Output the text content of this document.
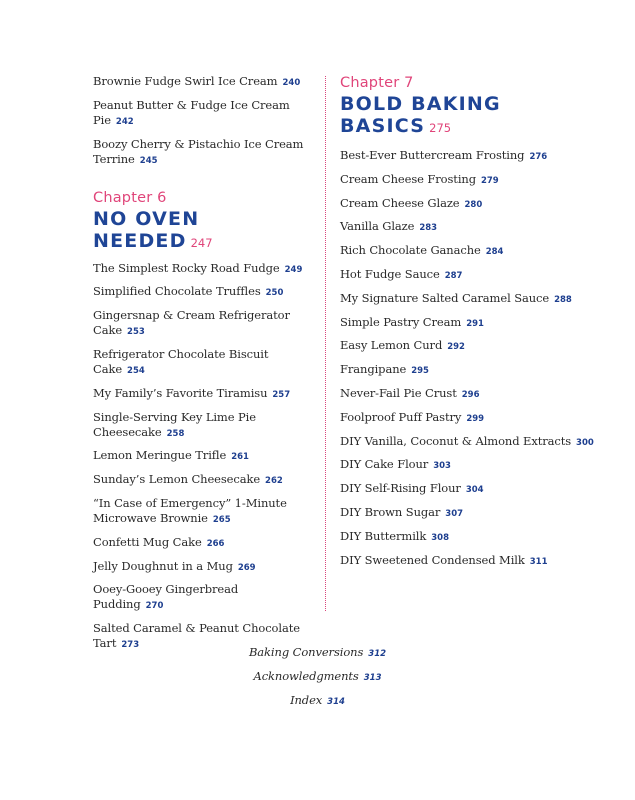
Brownie Fudge Swirl Ice Cream 240
Peanut Butter & Fudge Ice Cream Pie 242
Boozy Cherry & Pistachio Ice Cream Terrine 245
Chapter 6
NO OVEN
NEEDED 247
The Simplest Rocky Road Fudge 249
Simplified Chocolate Truffles 250
Gingersnap & Cream Refrigerator Cake 253
Refrigerator Chocolate Biscuit Cake 254
My Family’s Favorite Tiramisu 257
Single-Serving Key Lime Pie Cheesecake 258
Lemon Meringue Trifle 261
Sunday’s Lemon Cheesecake 262
“In Case of Emergency” 1-Minute Microwave Brownie 265
Confetti Mug Cake 266
Jelly Doughnut in a Mug 269
Ooey-Gooey Gingerbread Pudding 270
Salted Caramel & Peanut Chocolate Tart 273
Chapter 7
BOLD BAKING
BASICS 275
Best-Ever Buttercream Frosting 276
Cream Cheese Frosting 279
Cream Cheese Glaze 280
Vanilla Glaze 283
Rich Chocolate Ganache 284
Hot Fudge Sauce 287
My Signature Salted Caramel Sauce 288
Simple Pastry Cream 291
Easy Lemon Curd 292
Frangipane 295
Never-Fail Pie Crust 296
Foolproof Puff Pastry 299
DIY Vanilla, Coconut & Almond Extracts 300
DIY Cake Flour 303
DIY Self-Rising Flour 304
DIY Brown Sugar 307
DIY Buttermilk 308
DIY Sweetened Condensed Milk 311
Baking Conversions 312
Acknowledgments 313
Index 314
